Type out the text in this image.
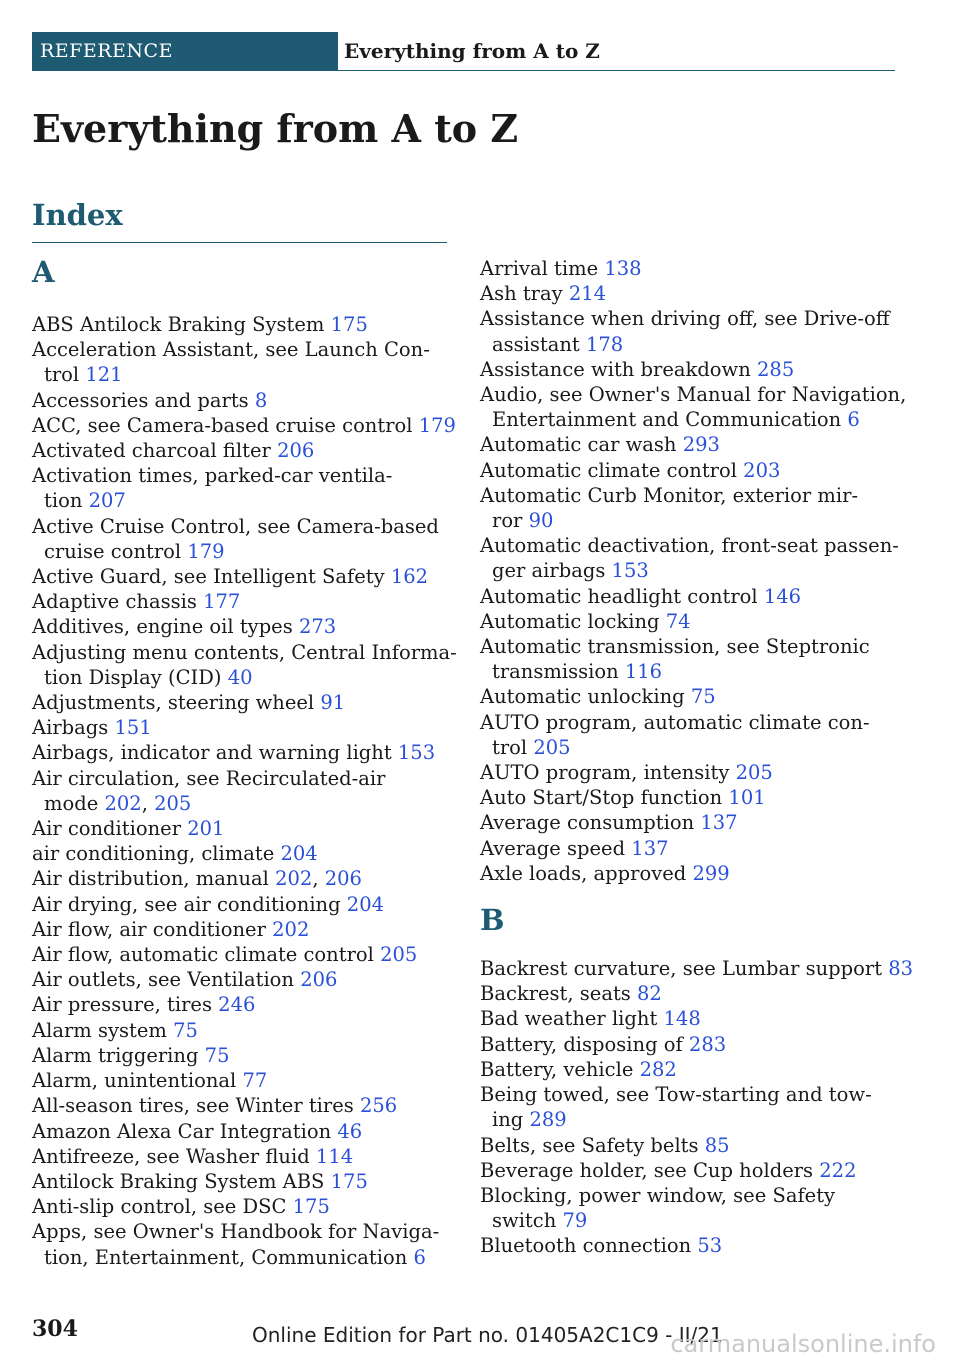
REFERENCE	Everything from A to Z
Everything from A to Z
Index
A

ABS Antilock Braking System 175

Acceleration Assistant, see Launch Con-
trol 121

Accessories and parts 8

ACC, see Camera-based cruise control 179

Activated charcoal filter 206

Activation times, parked-car ventila-
tion 207

Active Cruise Control, see Camera-based
cruise control 179

Active Guard, see Intelligent Safety 162

Adaptive chassis 177

Additives, engine oil types 273

Adjusting menu contents, Central Informa-
tion Display (CID) 40

Adjustments, steering wheel 91

Airbags 151

Airbags, indicator and warning light 153

Air circulation, see Recirculated-air
mode 202, 205

Air conditioner 201

air conditioning, climate 204

Air distribution, manual 202, 206

Air drying, see air conditioning 204

Air flow, air conditioner 202

Air flow, automatic climate control 205

Air outlets, see Ventilation 206

Air pressure, tires 246

Alarm system 75

Alarm triggering 75

Alarm, unintentional 77

All-season tires, see Winter tires 256

Amazon Alexa Car Integration 46

Antifreeze, see Washer fluid 114

Antilock Braking System ABS 175

Anti-slip control, see DSC 175

Apps, see Owner's Handbook for Naviga-
tion, Entertainment, Communication 6

Arrival time 138

Ash tray 214

Assistance when driving off, see Drive-off
assistant 178

Assistance with breakdown 285

Audio, see Owner's Manual for Navigation,
Entertainment and Communication 6

Automatic car wash 293

Automatic climate control 203

Automatic Curb Monitor, exterior mir-
ror 90

Automatic deactivation, front-seat passen-
ger airbags 153

Automatic headlight control 146

Automatic locking 74

Automatic transmission, see Steptronic
transmission 116

Automatic unlocking 75

AUTO program, automatic climate con-
trol 205

AUTO program, intensity 205

Auto Start/Stop function 101

Average consumption 137

Average speed 137

Axle loads, approved 299

B

Backrest curvature, see Lumbar support 83

Backrest, seats 82

Bad weather light 148

Battery, disposing of 283

Battery, vehicle 282

Being towed, see Tow-starting and tow-
ing 289

Belts, see Safety belts 85

Beverage holder, see Cup holders 222

Blocking, power window, see Safety
switch 79

Bluetooth connection 53

304	Online Edition for Part no. 01405A2C1C9 - II/21
carmanualsonline.info
